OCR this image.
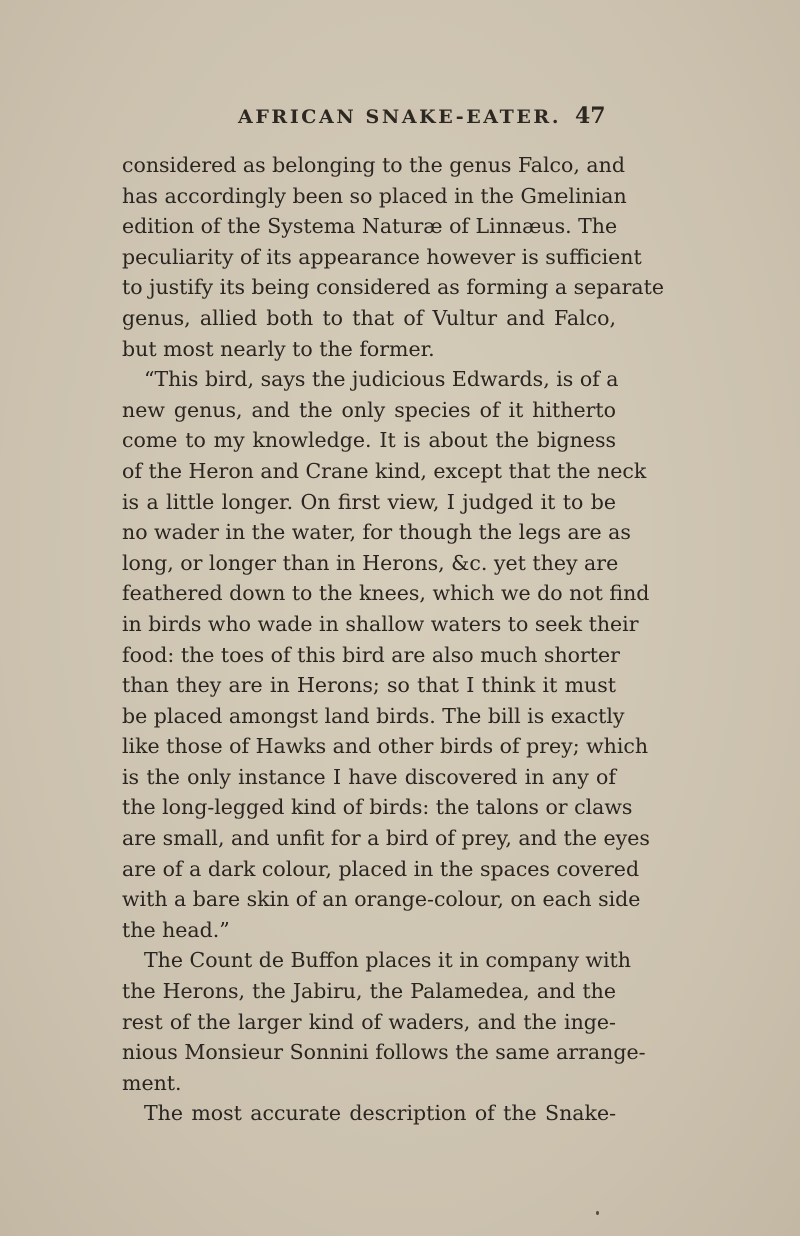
AFRICAN SNAKE-EATER. 47
considered as belonging to the genus Falco, and
has accordingly been so placed in the Gmelinian
edition of the Systema Naturæ of Linnæus. The
peculiarity of its appearance however is sufficient
to justify its being considered as forming a separate
genus, allied both to that of Vultur and Falco,
but most nearly to the former.
“This bird, says the judicious Edwards, is of a
new genus, and the only species of it hitherto
come to my knowledge. It is about the bigness
of the Heron and Crane kind, except that the neck
is a little longer. On first view, I judged it to be
no wader in the water, for though the legs are as
long, or longer than in Herons, &c. yet they are
feathered down to the knees, which we do not find
in birds who wade in shallow waters to seek their
food: the toes of this bird are also much shorter
than they are in Herons; so that I think it must
be placed amongst land birds. The bill is exactly
like those of Hawks and other birds of prey; which
is the only instance I have discovered in any of
the long-legged kind of birds: the talons or claws
are small, and unfit for a bird of prey, and the eyes
are of a dark colour, placed in the spaces covered
with a bare skin of an orange-colour, on each side
the head.”
The Count de Buffon places it in company with
the Herons, the Jabiru, the Palamedea, and the
rest of the larger kind of waders, and the inge-
nious Monsieur Sonnini follows the same arrange-
ment.
The most accurate description of the Snake-
